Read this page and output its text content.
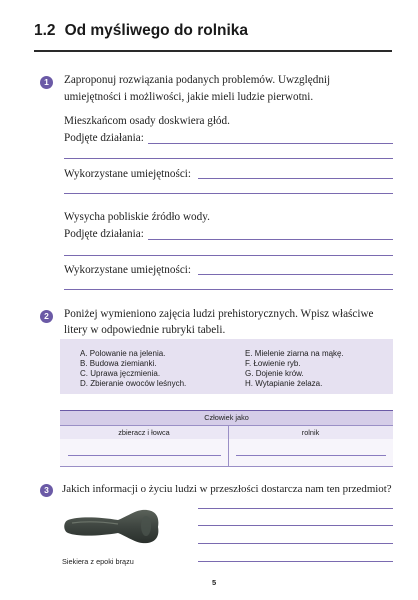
1.2 Od myśliwego do rolnika
1	Zaproponuj rozwiązania podanych problemów. Uwzględnij
umiejętności i możliwości, jakie mieli ludzie pierwotni.
Mieszkańcom osady doskwiera głód.
Podjęte działania:
Wykorzystane umiejętności:
Wysycha pobliskie źródło wody.
Podjęte działania:
Wykorzystane umiejętności:
2	Poniżej wymieniono zajęcia ludzi prehistorycznych. Wpisz właściwe
litery w odpowiednie rubryki tabeli.
A. Polowanie na jelenia.
B. Budowa ziemianki.
C. Uprawa jęczmienia.
D. Zbieranie owoców leśnych.
E. Mielenie ziarna na mąkę.
F. Łowienie ryb.
G. Dojenie krów.
H. Wytapianie żelaza.
Człowiek jako
zbieracz i łowca	rolnik
3	Jakich informacji o życiu ludzi w przeszłości dostarcza nam ten przedmiot?
Siekiera z epoki brązu
5
